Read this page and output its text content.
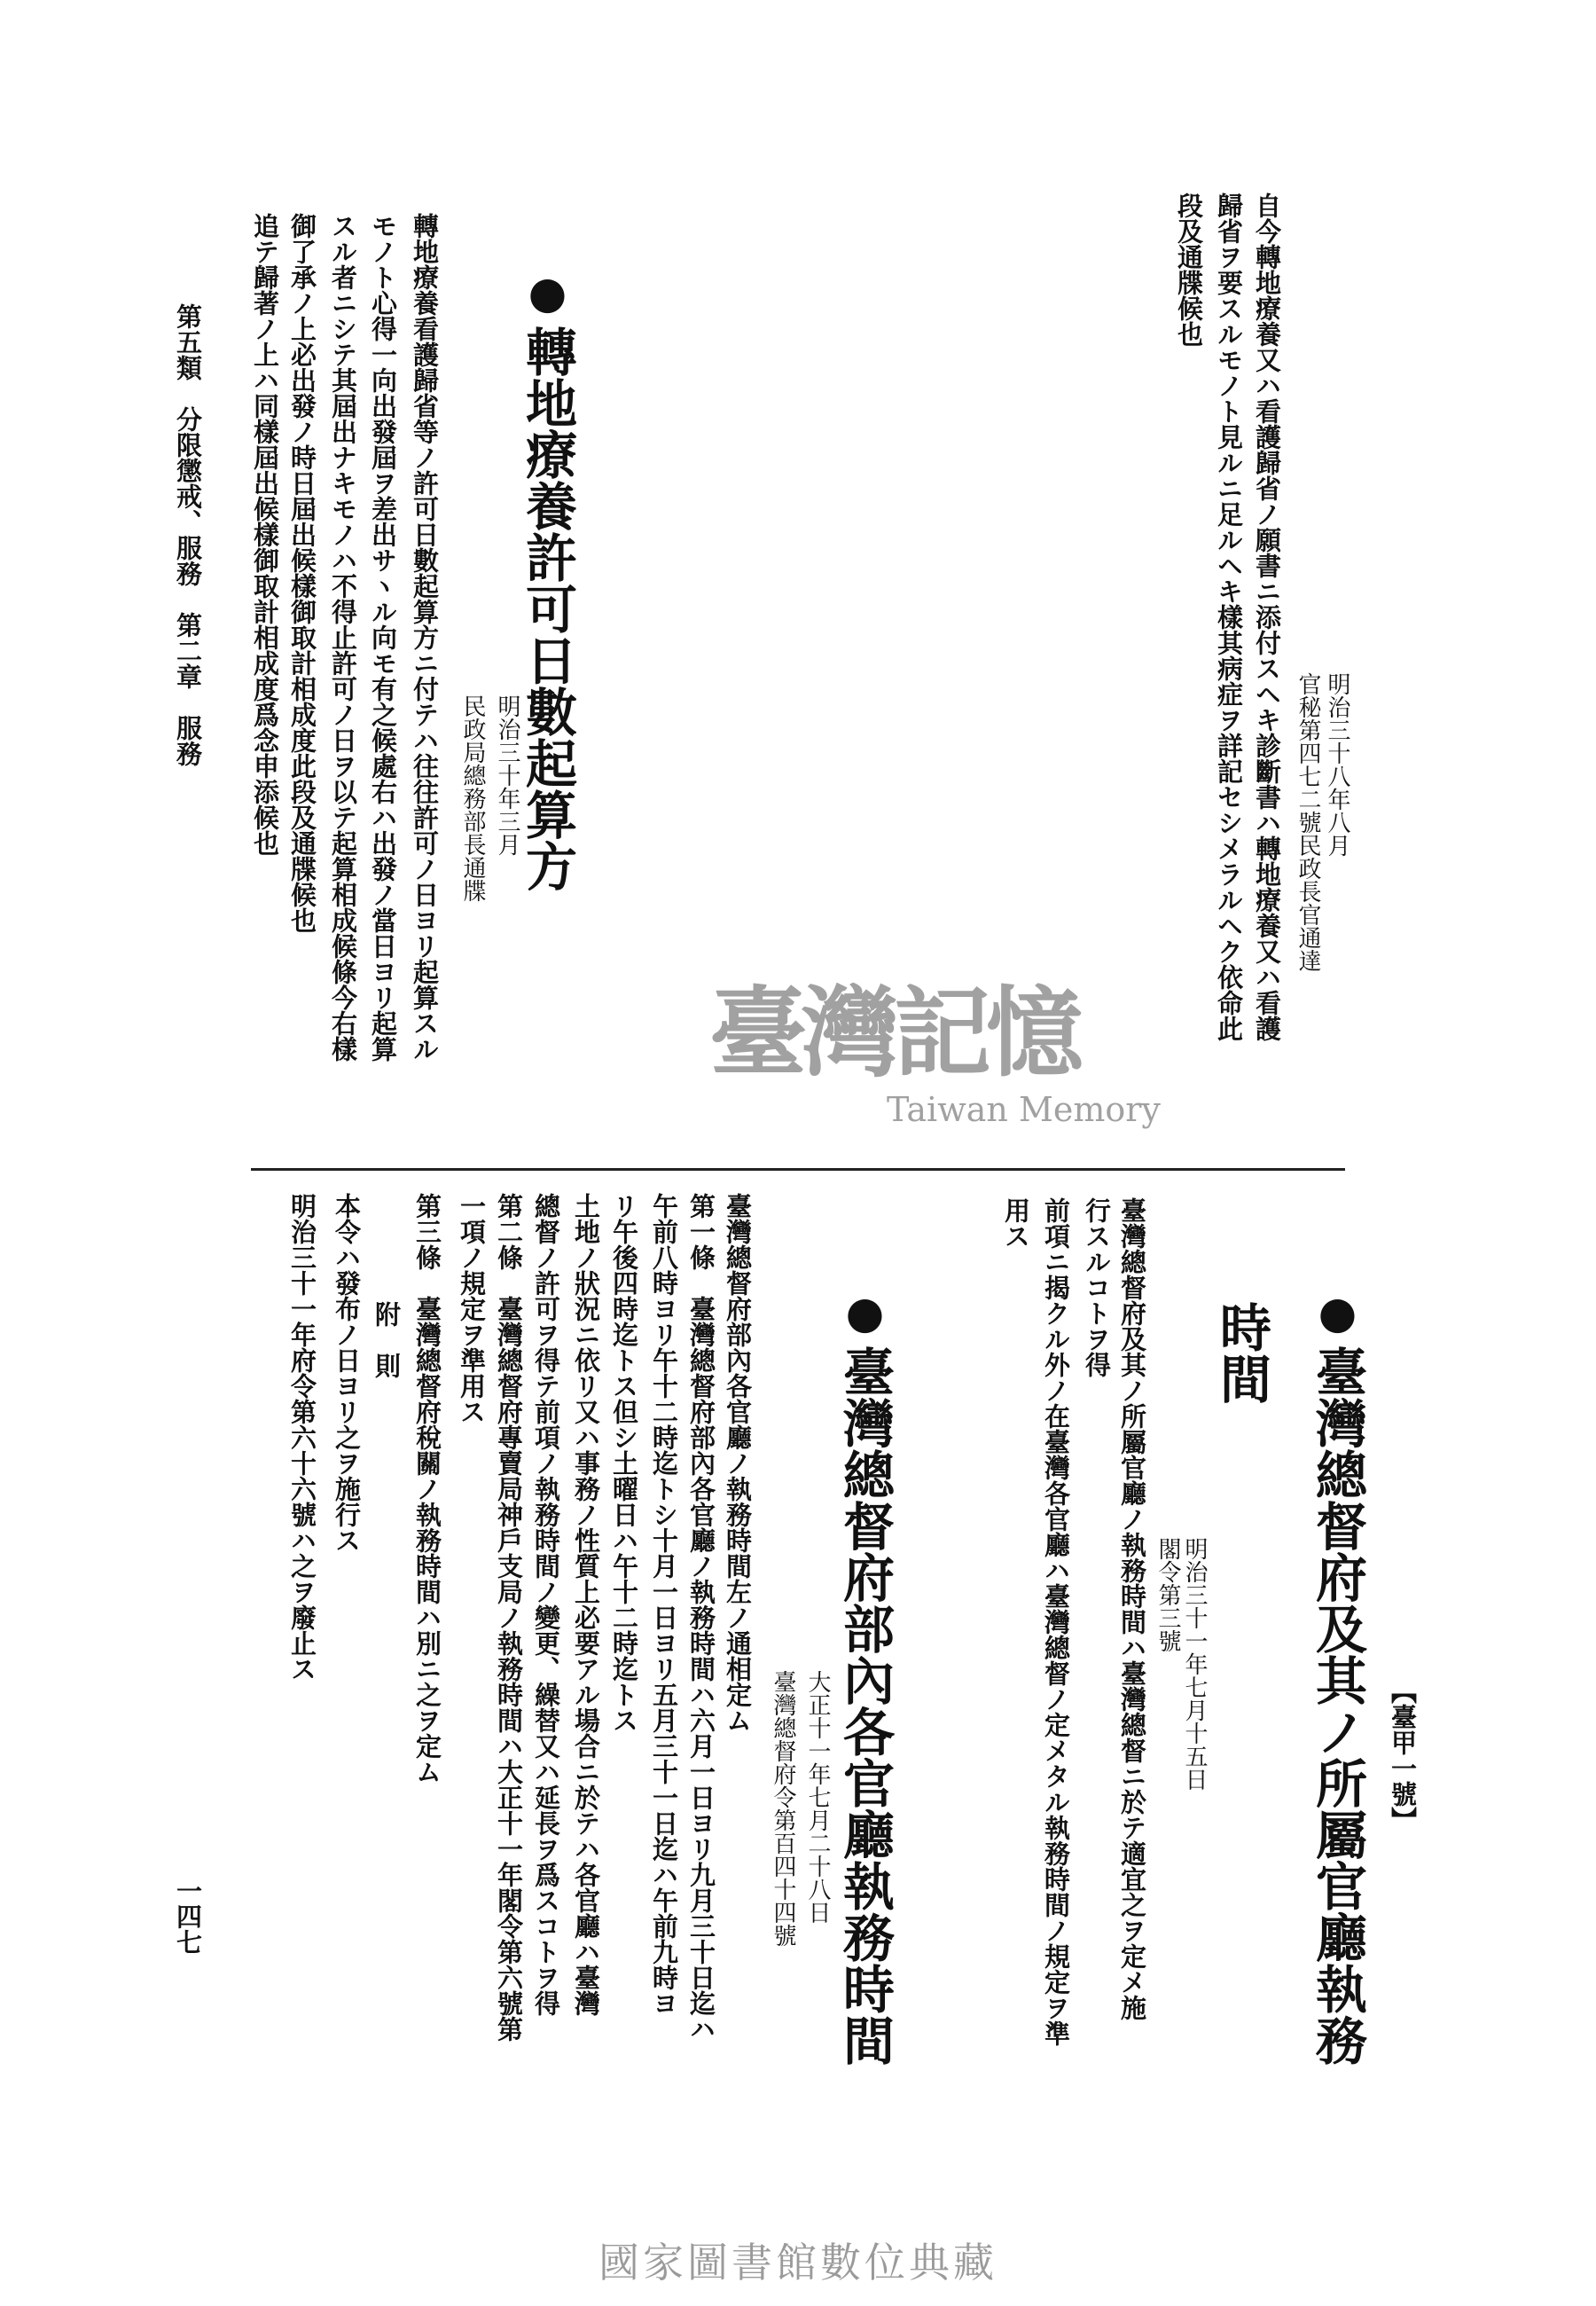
明治三十八年八月
官秘第四七二號民政長官通達
自今轉地療養又ハ看護歸省ノ願書ニ添付スヘキ診斷書ハ轉地療養又ハ看護
歸省ヲ要スルモノト見ルニ足ルヘキ樣其病症ヲ詳記セシメラルヘク依命此
段及通牒候也
●轉地療養許可日數起算方
明治三十年三月
民政局總務部長通牒
轉地療養看護歸省等ノ許可日數起算方ニ付テハ往往許可ノ日ヨリ起算スル
モノト心得一向出發屆ヲ差出サヽル向モ有之候處右ハ出發ノ當日ヨリ起算
スル者ニシテ其屆出ナキモノハ不得止許可ノ日ヲ以テ起算相成候條今右樣
御了承ノ上必出發ノ時日屆出候樣御取計相成度此段及通牒候也
追テ歸著ノ上ハ同樣屆出候樣御取計相成度爲念申添候也
第五類　分限懲戒、服務　第二章　服務
【臺甲一號】
臺灣記憶
Taiwan Memory
●臺灣總督府及其ノ所屬官廳執務
時間
明治三十一年七月十五日
閣令第三號
臺灣總督府及其ノ所屬官廳ノ執務時間ハ臺灣總督ニ於テ適宜之ヲ定メ施
行スルコトヲ得
前項ニ揭クル外ノ在臺灣各官廳ハ臺灣總督ノ定メタル執務時間ノ規定ヲ準
用ス
●臺灣總督府部內各官廳執務時間
大正十一年七月二十八日
臺灣總督府令第百四十四號
臺灣總督府部內各官廳ノ執務時間左ノ通相定ム
第一條　臺灣總督府部內各官廳ノ執務時間ハ六月一日ヨリ九月三十日迄ハ
午前八時ヨリ午十二時迄トシ十月一日ヨリ五月三十一日迄ハ午前九時ヨ
リ午後四時迄トス但シ土曜日ハ午十二時迄トス
土地ノ狀況ニ依リ又ハ事務ノ性質上必要アル場合ニ於テハ各官廳ハ臺灣
總督ノ許可ヲ得テ前項ノ執務時間ノ變更、繰替又ハ延長ヲ爲スコトヲ得
第二條　臺灣總督府專賣局神戶支局ノ執務時間ハ大正十一年閣令第六號第
一項ノ規定ヲ準用ス
第三條　臺灣總督府稅關ノ執務時間ハ別ニ之ヲ定ム
附　則
本令ハ發布ノ日ヨリ之ヲ施行ス
明治三十一年府令第六十六號ハ之ヲ廢止ス
一四七
國家圖書館數位典藏
